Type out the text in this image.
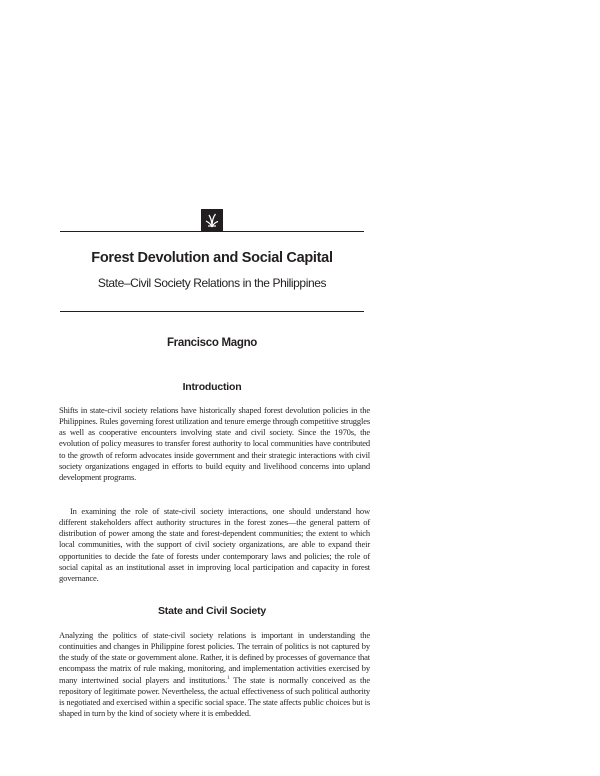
Forest Devolution and Social Capital
State–Civil Society Relations in the Philippines
Francisco Magno
Introduction

Shifts in state-civil society relations have historically shaped forest devolution policies in the Philippines. Rules governing forest utilization and tenure emerge through competitive struggles as well as cooperative encounters involving state and civil society. Since the 1970s, the evolution of policy measures to transfer forest authority to local communities have contributed to the growth of reform advocates inside government and their strategic interactions with civil society organizations engaged in efforts to build equity and livelihood concerns into upland development programs.

In examining the role of state-civil society interactions, one should understand how different stakeholders affect authority structures in the forest zones—the general pattern of distribution of power among the state and forest-dependent communities; the extent to which local communities, with the support of civil society organizations, are able to expand their opportunities to decide the fate of forests under contemporary laws and policies; the role of social capital as an institutional asset in improving local participation and capacity in forest governance.

State and Civil Society

Analyzing the politics of state-civil society relations is important in understanding the continuities and changes in Philippine forest policies. The terrain of politics is not captured by the study of the state or government alone. Rather, it is defined by processes of governance that encompass the matrix of rule making, monitoring, and implementation activities exercised by many intertwined social players and institutions.$^1$ The state is normally conceived as the repository of legitimate power. Nevertheless, the actual effectiveness of such political authority is negotiated and exercised within a specific social space. The state affects public choices but is shaped in turn by the kind of society where it is embedded.
